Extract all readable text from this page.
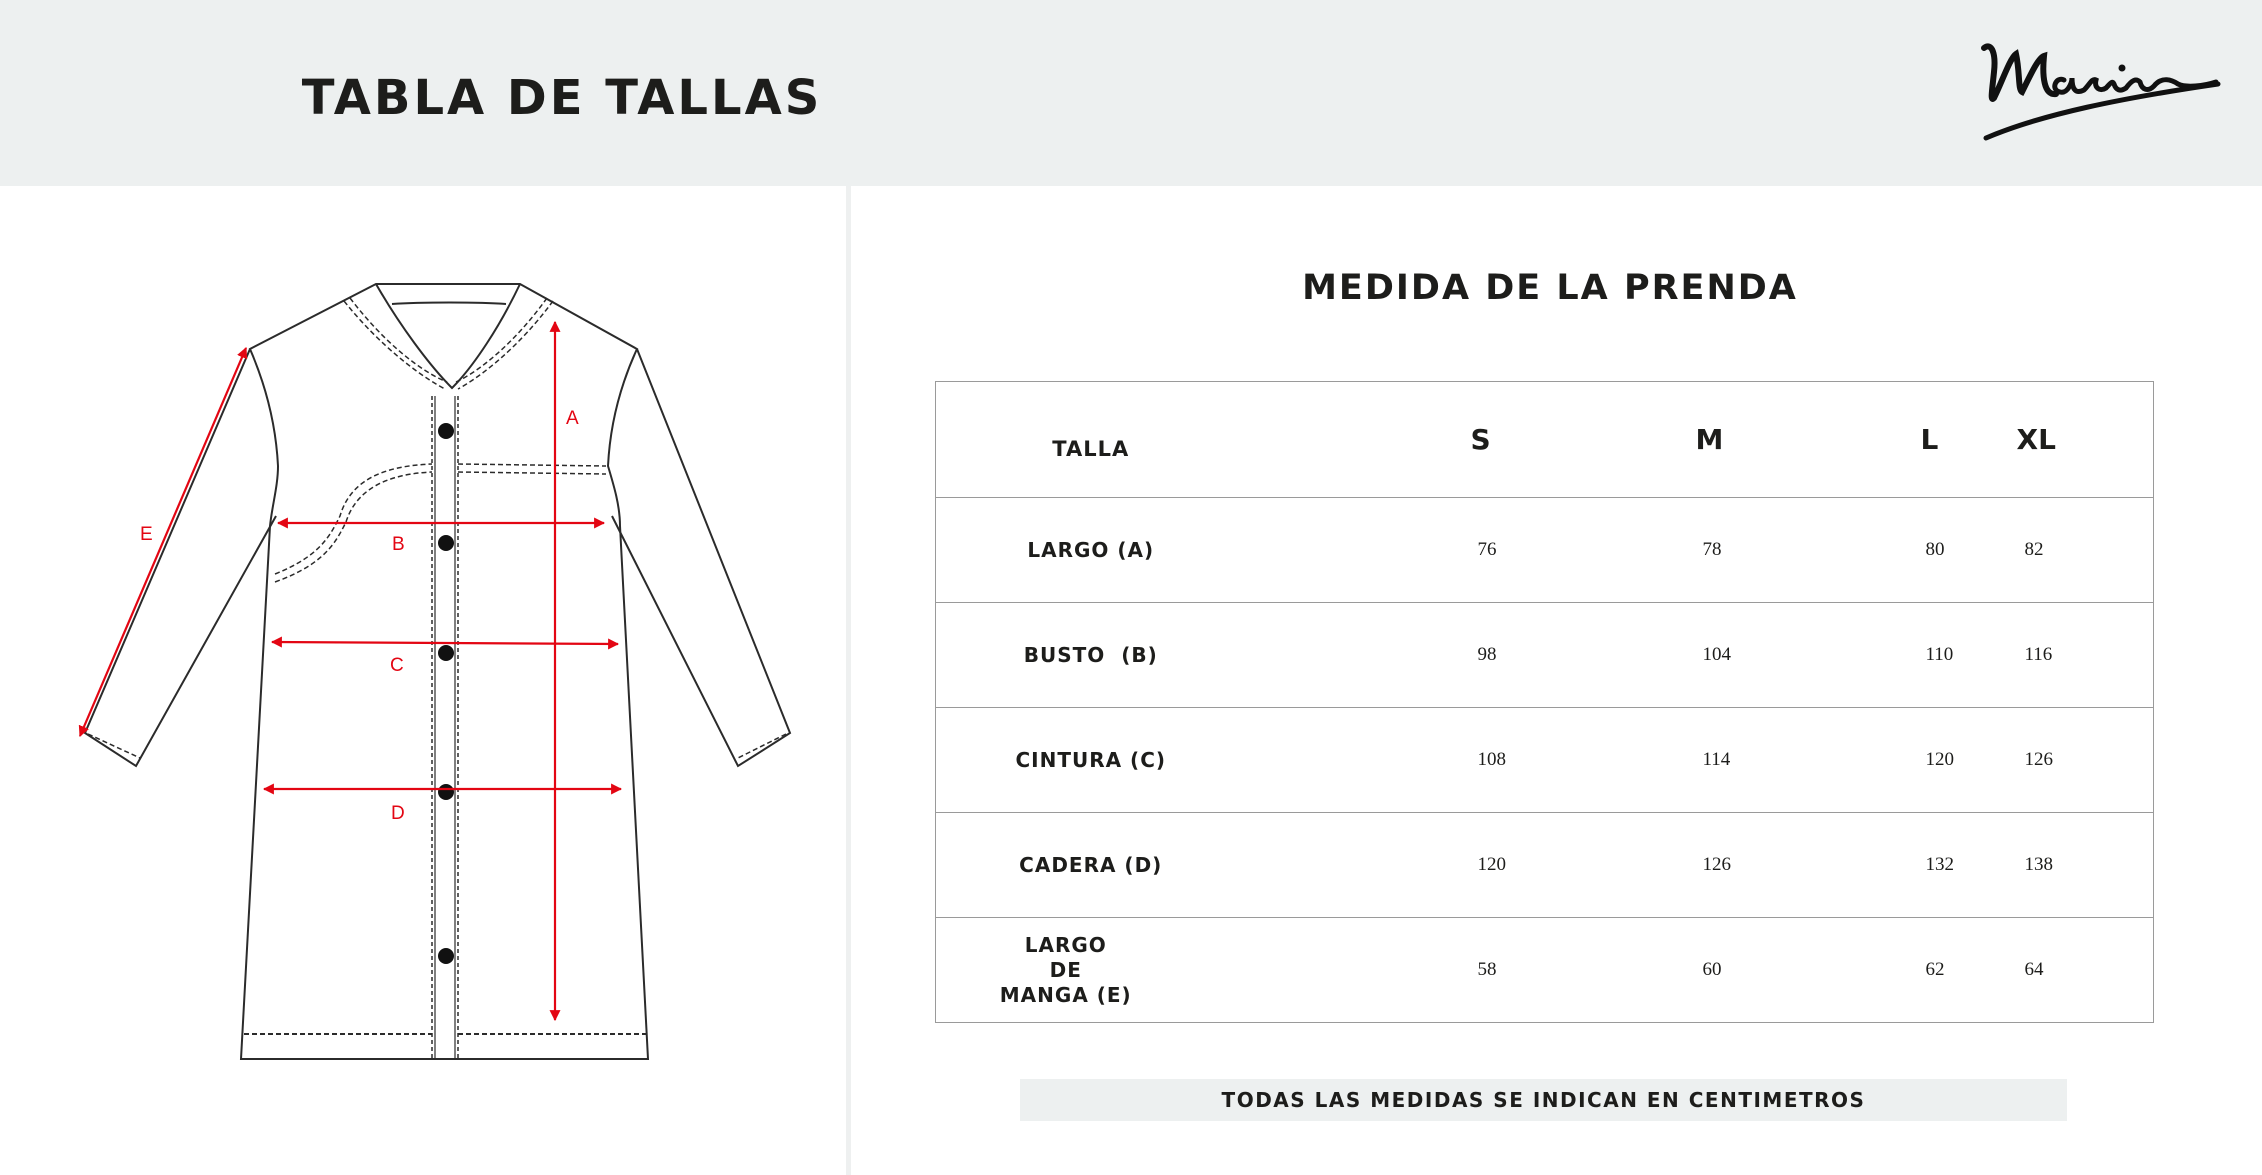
TABLA DE TALLAS
A
B
C
D
E
MEDIDA DE LA PRENDA
TALLA	S	M	L	XL
LARGO (A)	76	78	80	82
BUSTO  (B)	98	104	110	116
CINTURA (C)	108	114	120	126
CADERA (D)	120	126	132	138
LARGO
DE
MANGA (E)	58	60	62	64
TODAS LAS MEDIDAS SE INDICAN EN CENTIMETROS
